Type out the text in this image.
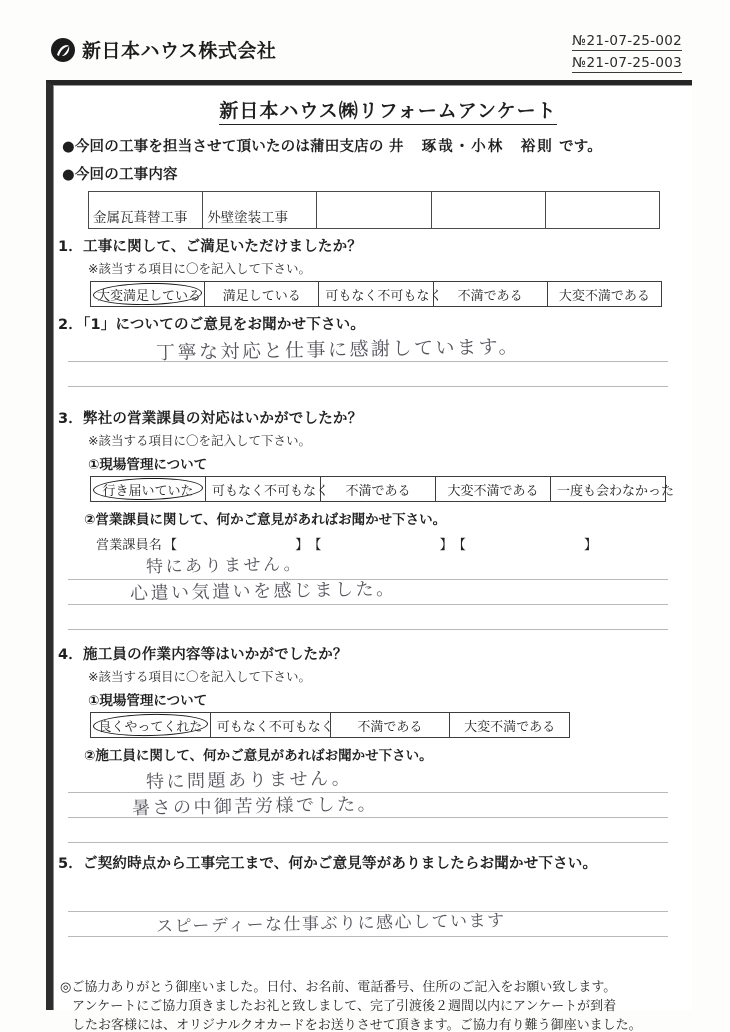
新日本ハウス株式会社	№21-07-25-002
№21-07-25-003
新日本ハウス㈱リフォームアンケート
●今回の工事を担当させて頂いたのは蒲田支店の 井　琢哉・小林　裕則 です。
●今回の工事内容
金属瓦葺替工事	外壁塗装工事			
1．工事に関して、ご満足いただけましたか？
※該当する項目に〇を記入して下さい。
大変満足している	満足している	可もなく不可もなく	不満である	大変不満である
2．「1」についてのご意見をお聞かせ下さい。
丁寧な対応と仕事に感謝しています。
3．弊社の営業課員の対応はいかがでしたか？
※該当する項目に〇を記入して下さい。
①現場管理について
行き届いていた	可もなく不可もなく	不満である	大変不満である	一度も会わなかった
②営業課員に関して、何かご意見があればお聞かせ下さい。
営業課員名 【	】 【	】 【	】
特にありません。
心遣い気遣いを感じました。
4．施工員の作業内容等はいかがでしたか？
※該当する項目に〇を記入して下さい。
①現場管理について
良くやってくれた	可もなく不可もなく	不満である	大変不満である
②施工員に関して、何かご意見があればお聞かせ下さい。
特に問題ありません。
暑さの中御苦労様でした。
5．ご契約時点から工事完工まで、何かご意見等がありましたらお聞かせ下さい。
スピーディーな仕事ぶりに感心しています
◎ご協力ありがとう御座いました。日付、お名前、電話番号、住所のご記入をお願い致します。
アンケートにご協力頂きましたお礼と致しまして、完了引渡後２週間以内にアンケートが到着
したお客様には、オリジナルクオカードをお送りさせて頂きます。ご協力有り難う御座いました。
